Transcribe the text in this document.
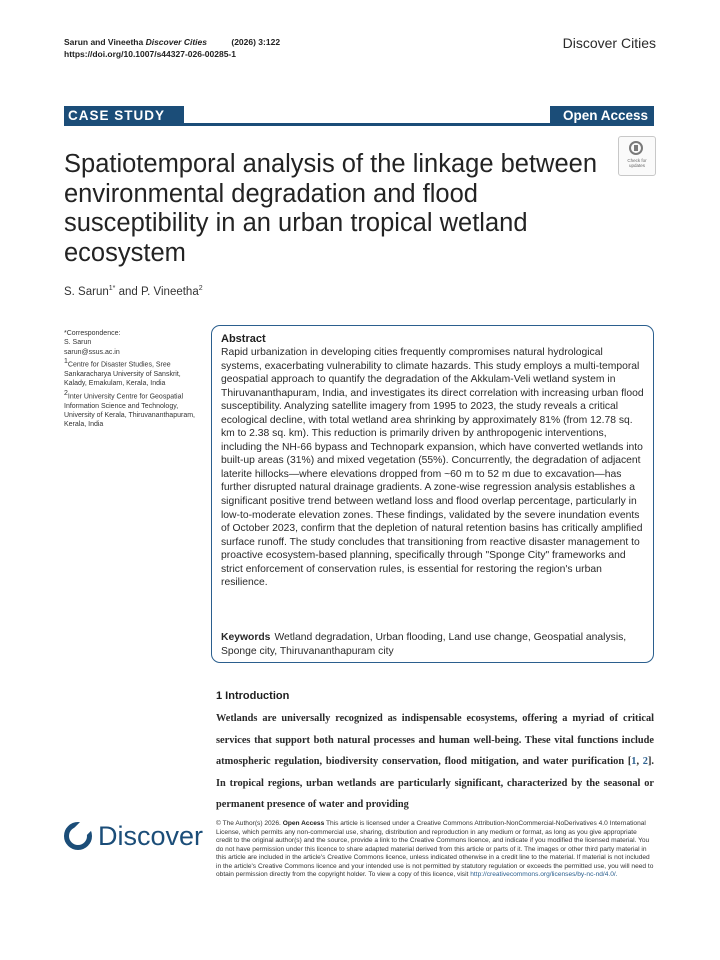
Sarun and Vineetha Discover Cities	(2026) 3:122
https://doi.org/10.1007/s44327-026-00285-1
Discover Cities
CASE STUDY	Open Access
Check for updates
Spatiotemporal analysis of the linkage between environmental degradation and flood susceptibility in an urban tropical wetland ecosystem
S. Sarun$^{1*}$ and P. Vineetha$^2$

*Correspondence:

S. Sarun

sarun@ssus.ac.in

$^1$Centre for Disaster Studies, Sree Sankaracharya University of Sanskrit, Kalady, Ernakulam, Kerala, India

$^2$Inter University Centre for Geospatial Information Science and Technology, University of Kerala, Thiruvananthapuram, Kerala, India

Abstract

Rapid urbanization in developing cities frequently compromises natural hydrological systems, exacerbating vulnerability to climate hazards. This study employs a multi-temporal geospatial approach to quantify the degradation of the Akkulam-Veli wetland system in Thiruvananthapuram, India, and investigates its direct correlation with increasing urban flood susceptibility. Analyzing satellite imagery from 1995 to 2023, the study reveals a critical ecological decline, with total wetland area shrinking by approximately 81% (from 12.78 sq. km to 2.38 sq. km). This reduction is primarily driven by anthropogenic interventions, including the NH-66 bypass and Technopark expansion, which have converted wetlands into built-up areas (31%) and mixed vegetation (55%). Concurrently, the degradation of adjacent laterite hillocks—where elevations dropped from ~60 m to 52 m due to excavation—has further disrupted natural drainage gradients. A zone-wise regression analysis establishes a significant positive trend between wetland loss and flood overlap percentage, particularly in low-to-moderate elevation zones. These findings, validated by the severe inundation events of October 2023, confirm that the depletion of natural retention basins has critically amplified surface runoff. The study concludes that transitioning from reactive disaster management to proactive ecosystem-based planning, specifically through "Sponge City" frameworks and strict enforcement of conservation rules, is essential for restoring the region's urban resilience.

Keywords Wetland degradation, Urban flooding, Land use change, Geospatial analysis, Sponge city, Thiruvananthapuram city

1 Introduction

Wetlands are universally recognized as indispensable ecosystems, offering a myriad of critical services that support both natural processes and human well-being. These vital functions include atmospheric regulation, biodiversity conservation, flood mitigation, and water purification [1, 2]. In tropical regions, urban wetlands are particularly significant, characterized by the seasonal or permanent presence of water and providing

Discover © The Author(s) 2026. Open Access This article is licensed under a Creative Commons Attribution-NonCommercial-NoDerivatives 4.0 International License, which permits any non-commercial use, sharing, distribution and reproduction in any medium or format, as long as you give appropriate credit to the original author(s) and the source, provide a link to the Creative Commons licence, and indicate if you modified the licensed material. You do not have permission under this licence to share adapted material derived from this article or parts of it. The images or other third party material in this article are included in the article's Creative Commons licence, unless indicated otherwise in a credit line to the material. If material is not included in the article's Creative Commons licence and your intended use is not permitted by statutory regulation or exceeds the permitted use, you will need to obtain permission directly from the copyright holder. To view a copy of this licence, visit http://creativecommons.org/licenses/by-nc-nd/4.0/.
